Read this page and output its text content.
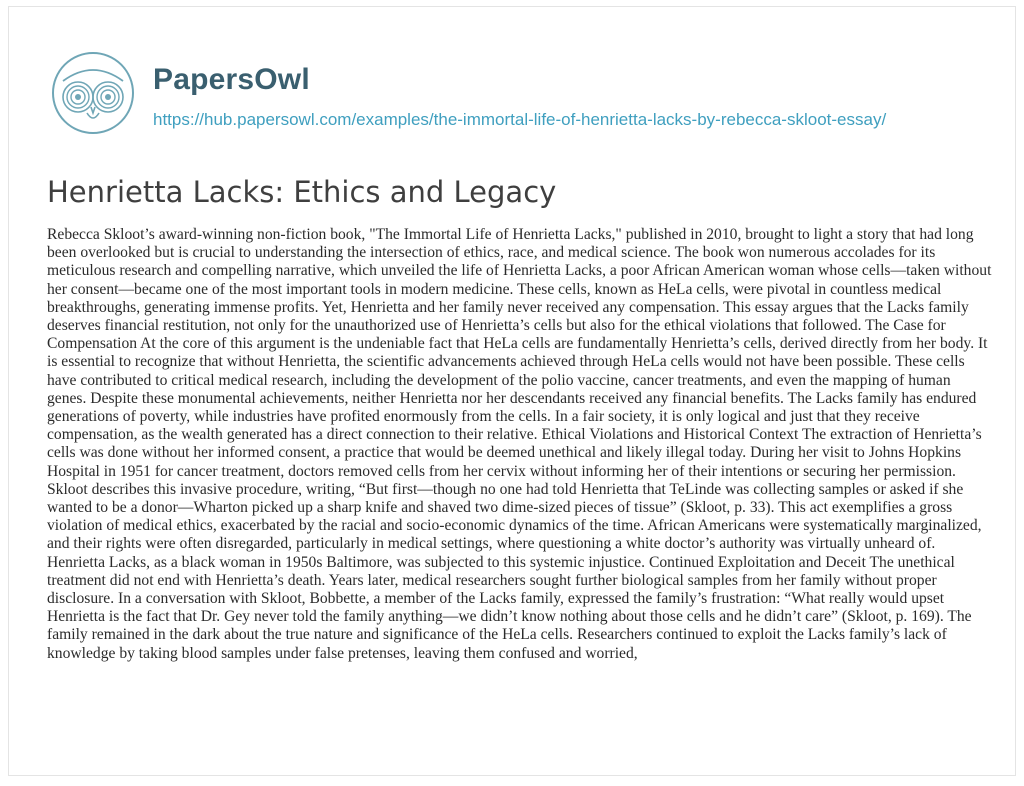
PapersOwl
https://hub.papersowl.com/examples/the-immortal-life-of-henrietta-lacks-by-rebecca-skloot-essay/
Henrietta Lacks: Ethics and Legacy

Rebecca Skloot’s award-winning non-fiction book, "The Immortal Life of Henrietta Lacks," published in 2010, brought to light a story that had long been overlooked but is crucial to understanding the intersection of ethics, race, and medical science. The book won numerous accolades for its meticulous research and compelling narrative, which unveiled the life of Henrietta Lacks, a poor African American woman whose cells—taken without her consent—became one of the most important tools in modern medicine. These cells, known as HeLa cells, were pivotal in countless medical breakthroughs, generating immense profits. Yet, Henrietta and her family never received any compensation. This essay argues that the Lacks family deserves financial restitution, not only for the unauthorized use of Henrietta’s cells but also for the ethical violations that followed. The Case for Compensation At the core of this argument is the undeniable fact that HeLa cells are fundamentally Henrietta’s cells, derived directly from her body. It is essential to recognize that without Henrietta, the scientific advancements achieved through HeLa cells would not have been possible. These cells have contributed to critical medical research, including the development of the polio vaccine, cancer treatments, and even the mapping of human genes. Despite these monumental achievements, neither Henrietta nor her descendants received any financial benefits. The Lacks family has endured generations of poverty, while industries have profited enormously from the cells. In a fair society, it is only logical and just that they receive compensation, as the wealth generated has a direct connection to their relative. Ethical Violations and Historical Context The extraction of Henrietta’s cells was done without her informed consent, a practice that would be deemed unethical and likely illegal today. During her visit to Johns Hopkins Hospital in 1951 for cancer treatment, doctors removed cells from her cervix without informing her of their intentions or securing her permission. Skloot describes this invasive procedure, writing, “But first—though no one had told Henrietta that TeLinde was collecting samples or asked if she wanted to be a donor—Wharton picked up a sharp knife and shaved two dime-sized pieces of tissue” (Skloot, p. 33). This act exemplifies a gross violation of medical ethics, exacerbated by the racial and socio-economic dynamics of the time. African Americans were systematically marginalized, and their rights were often disregarded, particularly in medical settings, where questioning a white doctor’s authority was virtually unheard of. Henrietta Lacks, as a black woman in 1950s Baltimore, was subjected to this systemic injustice. Continued Exploitation and Deceit The unethical treatment did not end with Henrietta’s death. Years later, medical researchers sought further biological samples from her family without proper disclosure. In a conversation with Skloot, Bobbette, a member of the Lacks family, expressed the family’s frustration: “What really would upset Henrietta is the fact that Dr. Gey never told the family anything—we didn’t know nothing about those cells and he didn’t care” (Skloot, p. 169). The family remained in the dark about the true nature and significance of the HeLa cells. Researchers continued to exploit the Lacks family’s lack of knowledge by taking blood samples under false pretenses, leaving them confused and worried,
